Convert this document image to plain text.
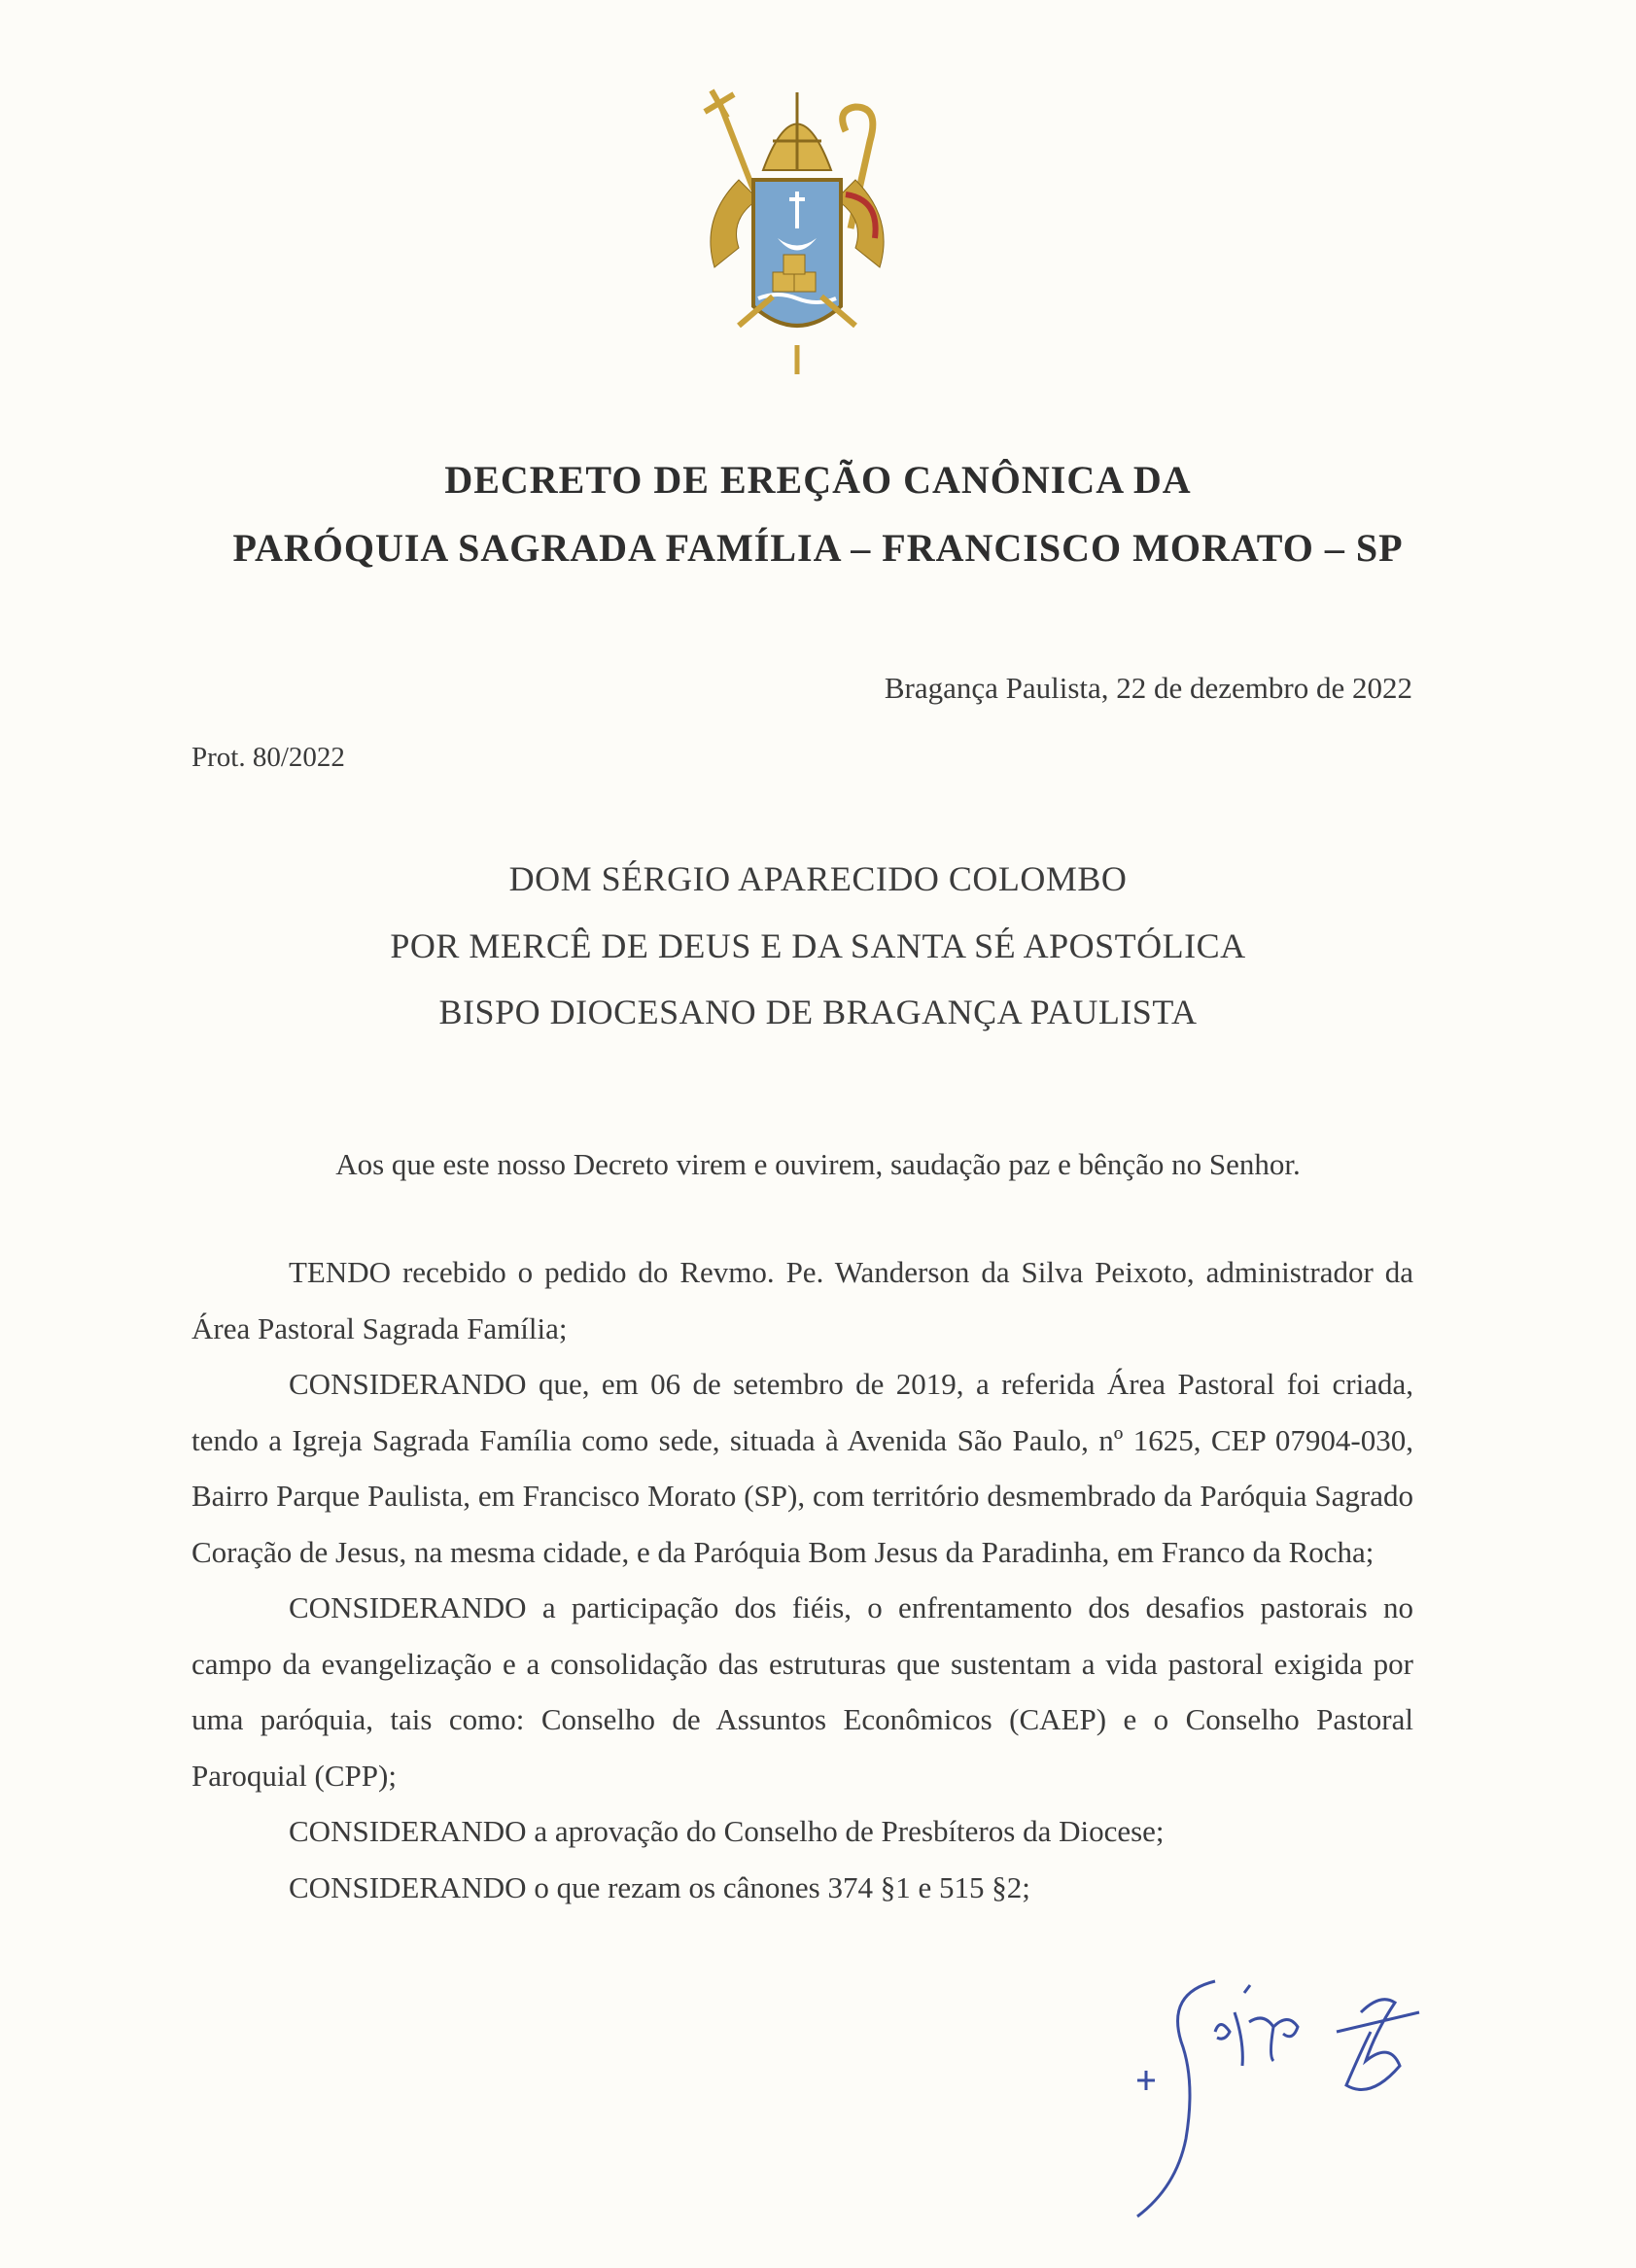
DECRETO DE EREÇÃO CANÔNICA DA
PARÓQUIA SAGRADA FAMÍLIA – FRANCISCO MORATO – SP
Bragança Paulista, 22 de dezembro de 2022
Prot. 80/2022
DOM SÉRGIO APARECIDO COLOMBO
POR MERCÊ DE DEUS E DA SANTA SÉ APOSTÓLICA
BISPO DIOCESANO DE BRAGANÇA PAULISTA
Aos que este nosso Decreto virem e ouvirem, saudação paz e bênção no Senhor.

TENDO recebido o pedido do Revmo. Pe. Wanderson da Silva Peixoto, administrador da Área Pastoral Sagrada Família;

CONSIDERANDO que, em 06 de setembro de 2019, a referida Área Pastoral foi criada, tendo a Igreja Sagrada Família como sede, situada à Avenida São Paulo, nº 1625, CEP 07904-030, Bairro Parque Paulista, em Francisco Morato (SP), com território desmembrado da Paróquia Sagrado Coração de Jesus, na mesma cidade, e da Paróquia Bom Jesus da Paradinha, em Franco da Rocha;

CONSIDERANDO a participação dos fiéis, o enfrentamento dos desafios pastorais no campo da evangelização e a consolidação das estruturas que sustentam a vida pastoral exigida por uma paróquia, tais como: Conselho de Assuntos Econômicos (CAEP) e o Conselho Pastoral Paroquial (CPP);

CONSIDERANDO a aprovação do Conselho de Presbíteros da Diocese;

CONSIDERANDO o que rezam os cânones 374 §1 e 515 §2;
